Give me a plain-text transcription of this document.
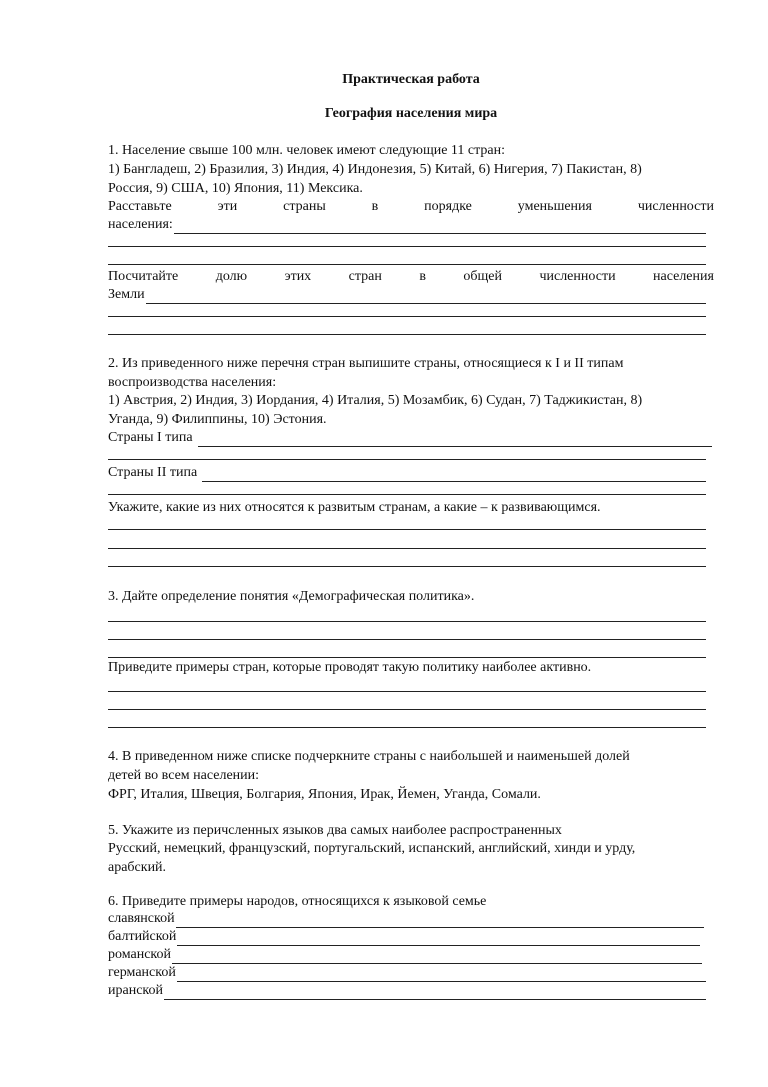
Практическая работа
География населения мира
1. Население свыше 100 млн. человек имеют следующие 11 стран:
1) Бангладеш, 2) Бразилия, 3) Индия, 4) Индонезия, 5) Китай, 6) Нигерия, 7) Пакистан, 8)
Россия, 9) США, 10) Япония, 11) Мексика.
Расставьте	эти	страны	в	порядке	уменьшения	численности
населения:
Посчитайте	долю	этих	стран	в	общей	численности	населения
Земли
2. Из приведенного ниже перечня стран выпишите страны, относящиеся к I и II типам
воспроизводства населения:
1) Австрия, 2) Индия, 3) Иордания, 4) Италия, 5) Мозамбик, 6) Судан, 7) Таджикистан, 8)
Уганда, 9) Филиппины, 10) Эстония.
Страны I типа
Страны II типа
Укажите, какие из них относятся к развитым странам, а какие – к развивающимся.
3. Дайте определение понятия «Демографическая политика».
Приведите примеры стран, которые проводят такую политику наиболее активно.
4. В приведенном ниже списке подчеркните страны с наибольшей и наименьшей долей
детей во всем населении:
ФРГ, Италия, Швеция, Болгария, Япония, Ирак, Йемен, Уганда, Сомали.
5. Укажите из перичсленных языков два самых наиболее распространенных
Русский, немецкий, французский, португальский, испанский, английский, хинди и урду,
арабский.
6. Приведите примеры народов, относящихся к языковой семье
славянской
балтийской
романской
германской
иранской
